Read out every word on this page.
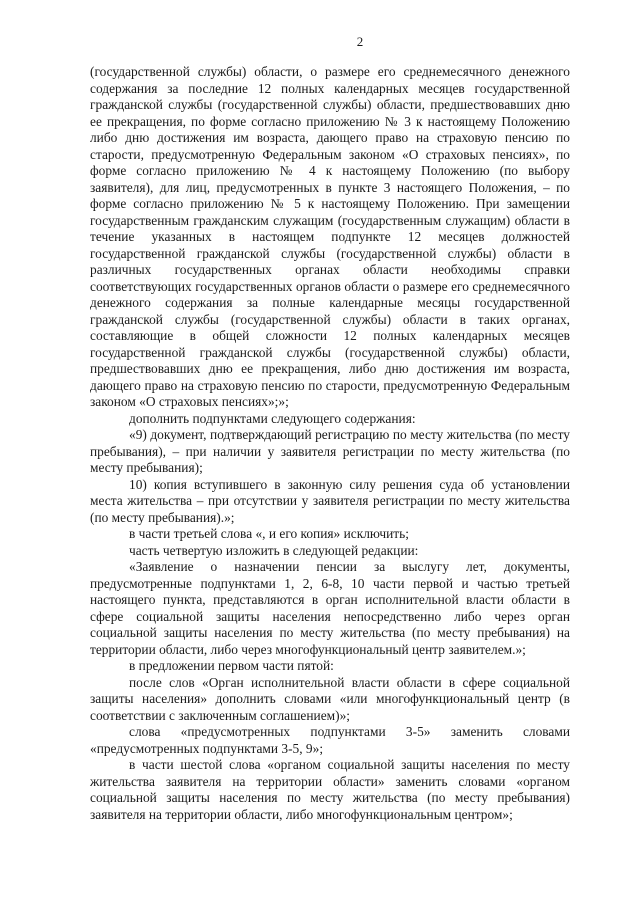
2

(государственной службы) области, о размере его среднемесячного денежного содержания за последние 12 полных календарных месяцев государственной гражданской службы (государственной службы) области, предшествовавших дню ее прекращения, по форме согласно приложению № 3 к настоящему Положению либо дню достижения им возраста, дающего право на страховую пенсию по старости, предусмотренную Федеральным законом «О страховых пенсиях», по форме согласно приложению № 4 к настоящему Положению (по выбору заявителя), для лиц, предусмотренных в пункте 3 настоящего Положения, – по форме согласно приложению № 5 к настоящему Положению. При замещении государственным гражданским служащим (государственным служащим) области в течение указанных в настоящем подпункте 12 месяцев должностей государственной гражданской службы (государственной службы) области в различных государственных органах области необходимы справки соответствующих государственных органов области о размере его среднемесячного денежного содержания за полные календарные месяцы государственной гражданской службы (государственной службы) области в таких органах, составляющие в общей сложности 12 полных календарных месяцев государственной гражданской службы (государственной службы) области, предшествовавших дню ее прекращения, либо дню достижения им возраста, дающего право на страховую пенсию по старости, предусмотренную Федеральным законом «О страховых пенсиях»;»;

дополнить подпунктами следующего содержания:

«9) документ, подтверждающий регистрацию по месту жительства (по месту пребывания), – при наличии у заявителя регистрации по месту жительства (по месту пребывания);

10) копия вступившего в законную силу решения суда об установлении места жительства – при отсутствии у заявителя регистрации по месту жительства (по месту пребывания).»;

в части третьей слова «, и его копия» исключить;

часть четвертую изложить в следующей редакции:

«Заявление о назначении пенсии за выслугу лет, документы, предусмотренные подпунктами 1, 2, 6-8, 10 части первой и частью третьей настоящего пункта, представляются в орган исполнительной власти области в сфере социальной защиты населения непосредственно либо через орган социальной защиты населения по месту жительства (по месту пребывания) на территории области, либо через многофункциональный центр заявителем.»;

в предложении первом части пятой:

после слов «Орган исполнительной власти области в сфере социальной защиты населения» дополнить словами «или многофункциональный центр (в соответствии с заключенным соглашением)»;

слова «предусмотренных подпунктами 3-5» заменить словами «предусмотренных подпунктами 3-5, 9»;

в части шестой слова «органом социальной защиты населения по месту жительства заявителя на территории области» заменить словами «органом социальной защиты населения по месту жительства (по месту пребывания) заявителя на территории области, либо многофункциональным центром»;
